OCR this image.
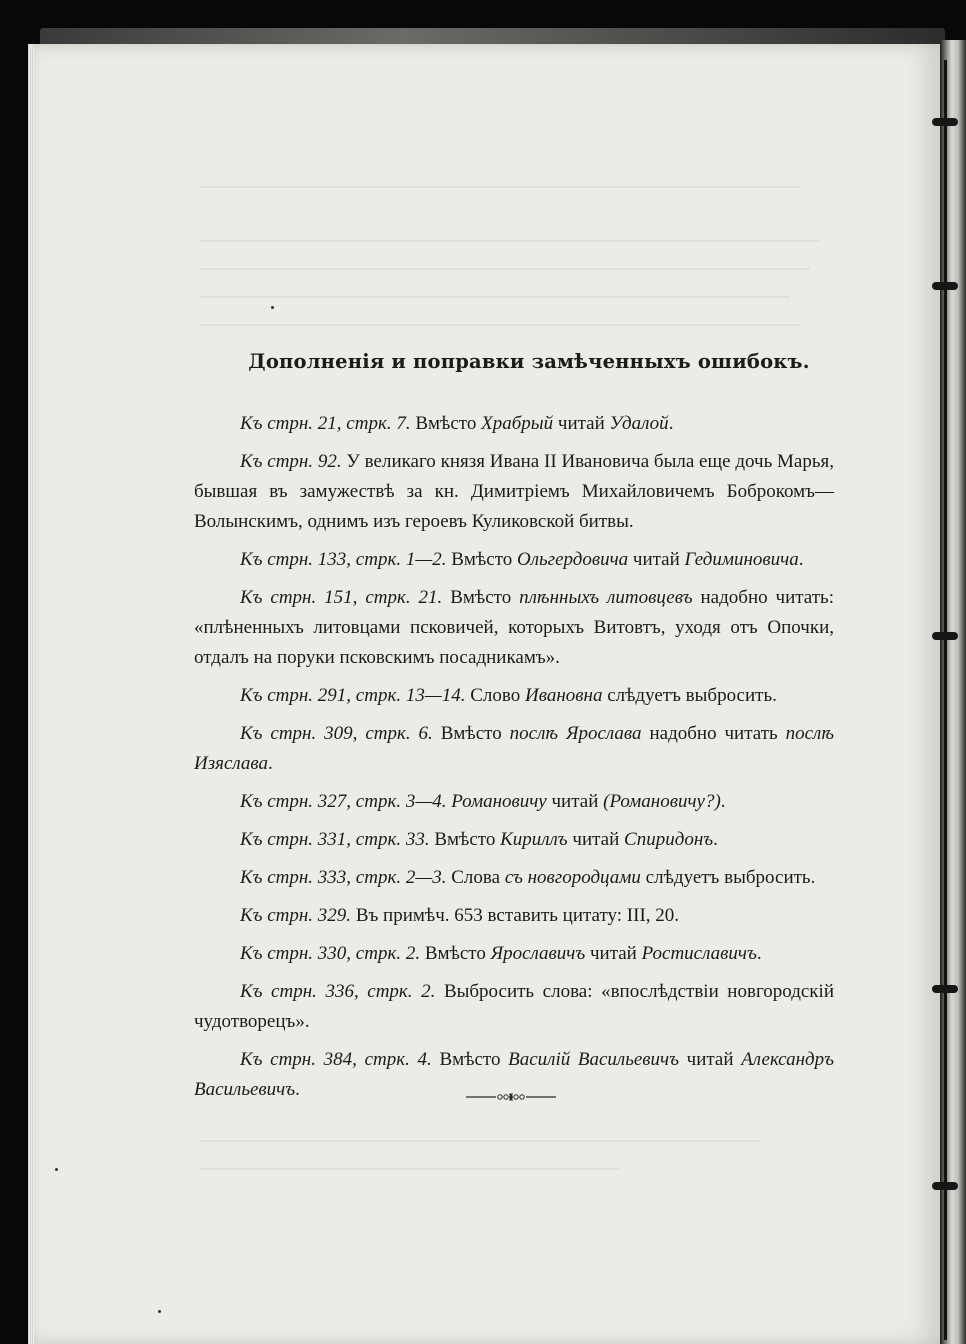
Дополненія и поправки замѣченныхъ ошибокъ.

Къ стрн. 21, стрк. 7. Вмѣсто Храбрый читай Удалой.

Къ стрн. 92. У великаго князя Ивана II Ивановича была еще дочь Марья, бывшая въ замужествѣ за кн. Димитріемъ Михайловичемъ Боброкомъ—Волынскимъ, однимъ изъ героевъ Куликовской битвы.

Къ стрн. 133, стрк. 1—2. Вмѣсто Ольгердовича читай Гедиминовича.

Къ стрн. 151, стрк. 21. Вмѣсто плѣнныхъ литовцевъ надобно читать: «плѣненныхъ литовцами псковичей, которыхъ Витовтъ, уходя отъ Опочки, отдалъ на поруки псковскимъ посадникамъ».

Къ стрн. 291, стрк. 13—14. Слово Ивановна слѣдуетъ выбросить.

Къ стрн. 309, стрк. 6. Вмѣсто послѣ Ярослава надобно читать послѣ Изяслава.

Къ стрн. 327, стрк. 3—4. Романовичу читай (Романовичу?).

Къ стрн. 331, стрк. 33. Вмѣсто Кириллъ читай Спиридонъ.

Къ стрн. 333, стрк. 2—3. Слова съ новгородцами слѣдуетъ выбросить.

Къ стрн. 329. Въ примѣч. 653 вставить цитату: III, 20.

Къ стрн. 330, стрк. 2. Вмѣсто Ярославичъ читай Ростиславичъ.

Къ стрн. 336, стрк. 2. Выбросить слова: «впослѣдствіи новгородскій чудотворецъ».

Къ стрн. 384, стрк. 4. Вмѣсто Василій Васильевичъ читай Александръ Васильевичъ.
